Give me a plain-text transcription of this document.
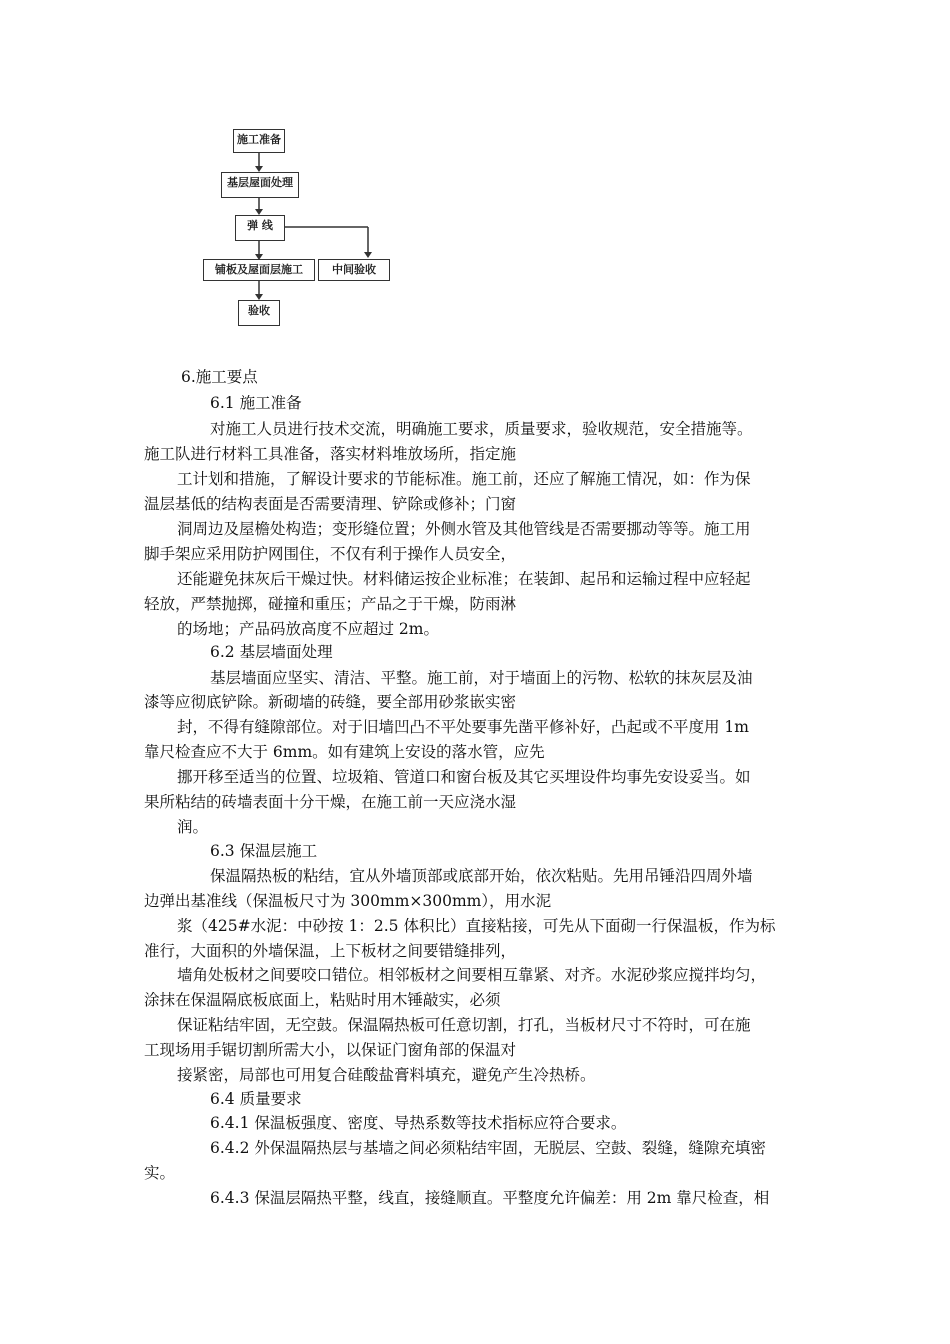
施工准备
基层屋面处理
弹 线
铺板及屋面层施工	中间验收
验收
6.施工要点
6.1 施工准备
对施工人员进行技术交流，明确施工要求，质量要求，验收规范，安全措施等。
施工队进行材料工具准备，落实材料堆放场所，指定施
工计划和措施，了解设计要求的节能标准。施工前，还应了解施工情况，如：作为保
温层基低的结构表面是否需要清理、铲除或修补；门窗
洞周边及屋檐处构造；变形缝位置；外侧水管及其他管线是否需要挪动等等。施工用
脚手架应采用防护网围住，不仅有利于操作人员安全，
还能避免抹灰后干燥过快。材料储运按企业标准；在装卸、起吊和运输过程中应轻起
轻放，严禁抛掷，碰撞和重压；产品之于干燥，防雨淋
的场地；产品码放高度不应超过 2m。
6.2 基层墙面处理
基层墙面应坚实、清洁、平整。施工前，对于墙面上的污物、松软的抹灰层及油
漆等应彻底铲除。新砌墙的砖缝，要全部用砂浆嵌实密
封，不得有缝隙部位。对于旧墙凹凸不平处要事先凿平修补好，凸起或不平度用 1m
靠尺检查应不大于 6mm。如有建筑上安设的落水管，应先
挪开移至适当的位置、垃圾箱、管道口和窗台板及其它买埋设件均事先安设妥当。如
果所粘结的砖墙表面十分干燥，在施工前一天应浇水湿
润。
6.3 保温层施工
保温隔热板的粘结，宜从外墙顶部或底部开始，依次粘贴。先用吊锤沿四周外墙
边弹出基准线（保温板尺寸为 300mm×300mm），用水泥
浆（425#水泥：中砂按 1：2.5 体积比）直接粘接，可先从下面砌一行保温板，作为标
准行，大面积的外墙保温，上下板材之间要错缝排列，
墙角处板材之间要咬口错位。相邻板材之间要相互靠紧、对齐。水泥砂浆应搅拌均匀，
涂抹在保温隔底板底面上，粘贴时用木锤敲实，必须
保证粘结牢固，无空鼓。保温隔热板可任意切割，打孔，当板材尺寸不符时，可在施
工现场用手锯切割所需大小，以保证门窗角部的保温对
接紧密，局部也可用复合硅酸盐膏料填充，避免产生冷热桥。
6.4 质量要求
6.4.1 保温板强度、密度、导热系数等技术指标应符合要求。
6.4.2 外保温隔热层与基墙之间必须粘结牢固，无脱层、空鼓、裂缝，缝隙充填密
实。
6.4.3 保温层隔热平整，线直，接缝顺直。平整度允许偏差：用 2m 靠尺检查，相
